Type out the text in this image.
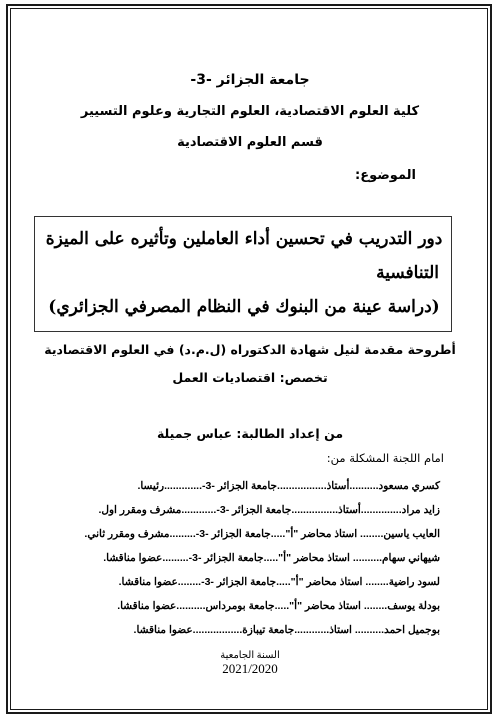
جامعة الجزائر -3-
كلية العلوم الاقتصادية، العلوم التجارية وعلوم التسيير
قسم العلوم الاقتصادية
الموضوع:
دور التدريب في تحسين أداء العاملين وتأثيره على الميزة
التنافسية
(دراسة عينة من البنوك في النظام المصرفي الجزائري)
أطروحة مقدمة لنيل شهادة الدكتوراه (ل.م.د) في العلوم الاقتصادية
تخصص: اقتصاديات العمل
من إعداد الطالبة: عباس جميلة
امام اللجنة المشكلة من:
كسري مسعود..........أستاذ.................جامعة الجزائر -3-.............رئيسا.
زايد مراد..............أستاذ................جامعة الجزائر -3-............مشرف ومقرر اول.
العايب ياسين........ استاذ محاضر "أ".....جامعة الجزائر -3-.........مشرف ومقرر ثاني.
شيهاني سهام.......... استاذ محاضر "أ".....جامعة الجزائر -3-.........عضوا مناقشا.
لسود راضية........ استاذ محاضر "أ".....جامعة الجزائر -3-........عضوا مناقشا.
بودلة يوسف........ استاذ محاضر "أ".....جامعة بومرداس..........عضوا مناقشا.
بوجميل احمد.......... استاذ............جامعة تيبازة.................عضوا مناقشا.
السنة الجامعية
2021/2020
